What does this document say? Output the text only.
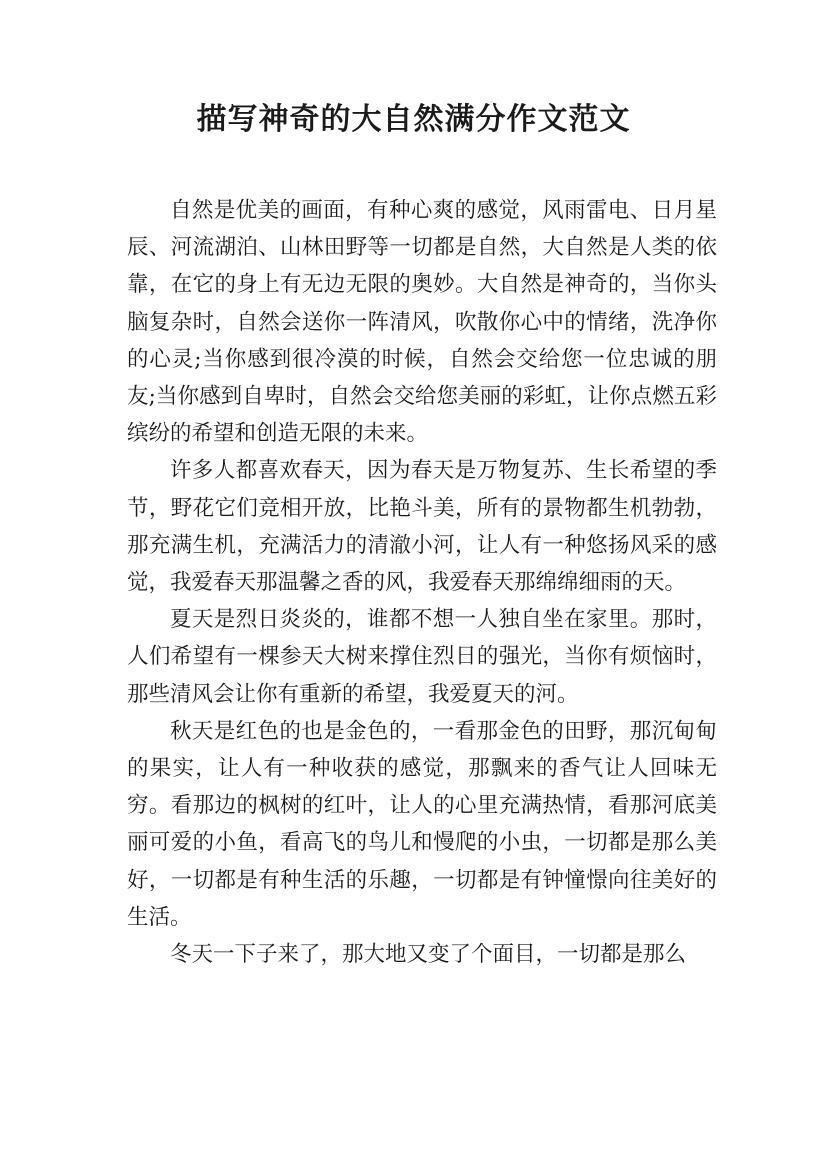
描写神奇的大自然满分作文范文

自然是优美的画面，有种心爽的感觉，风雨雷电、日月星辰、河流湖泊、山林田野等一切都是自然，大自然是人类的依靠，在它的身上有无边无限的奥妙。大自然是神奇的，当你头脑复杂时，自然会送你一阵清风，吹散你心中的情绪，洗净你的心灵;当你感到很冷漠的时候，自然会交给您一位忠诚的朋友;当你感到自卑时，自然会交给您美丽的彩虹，让你点燃五彩缤纷的希望和创造无限的未来。

许多人都喜欢春天，因为春天是万物复苏、生长希望的季节，野花它们竞相开放，比艳斗美，所有的景物都生机勃勃，那充满生机，充满活力的清澈小河，让人有一种悠扬风采的感觉，我爱春天那温馨之香的风，我爱春天那绵绵细雨的天。

夏天是烈日炎炎的，谁都不想一人独自坐在家里。那时，人们希望有一棵参天大树来撑住烈日的强光，当你有烦恼时，那些清风会让你有重新的希望，我爱夏天的河。

秋天是红色的也是金色的，一看那金色的田野，那沉甸甸的果实，让人有一种收获的感觉，那飘来的香气让人回味无穷。看那边的枫树的红叶，让人的心里充满热情，看那河底美丽可爱的小鱼，看高飞的鸟儿和慢爬的小虫，一切都是那么美好，一切都是有种生活的乐趣，一切都是有钟憧憬向往美好的生活。

冬天一下子来了，那大地又变了个面目，一切都是那么
